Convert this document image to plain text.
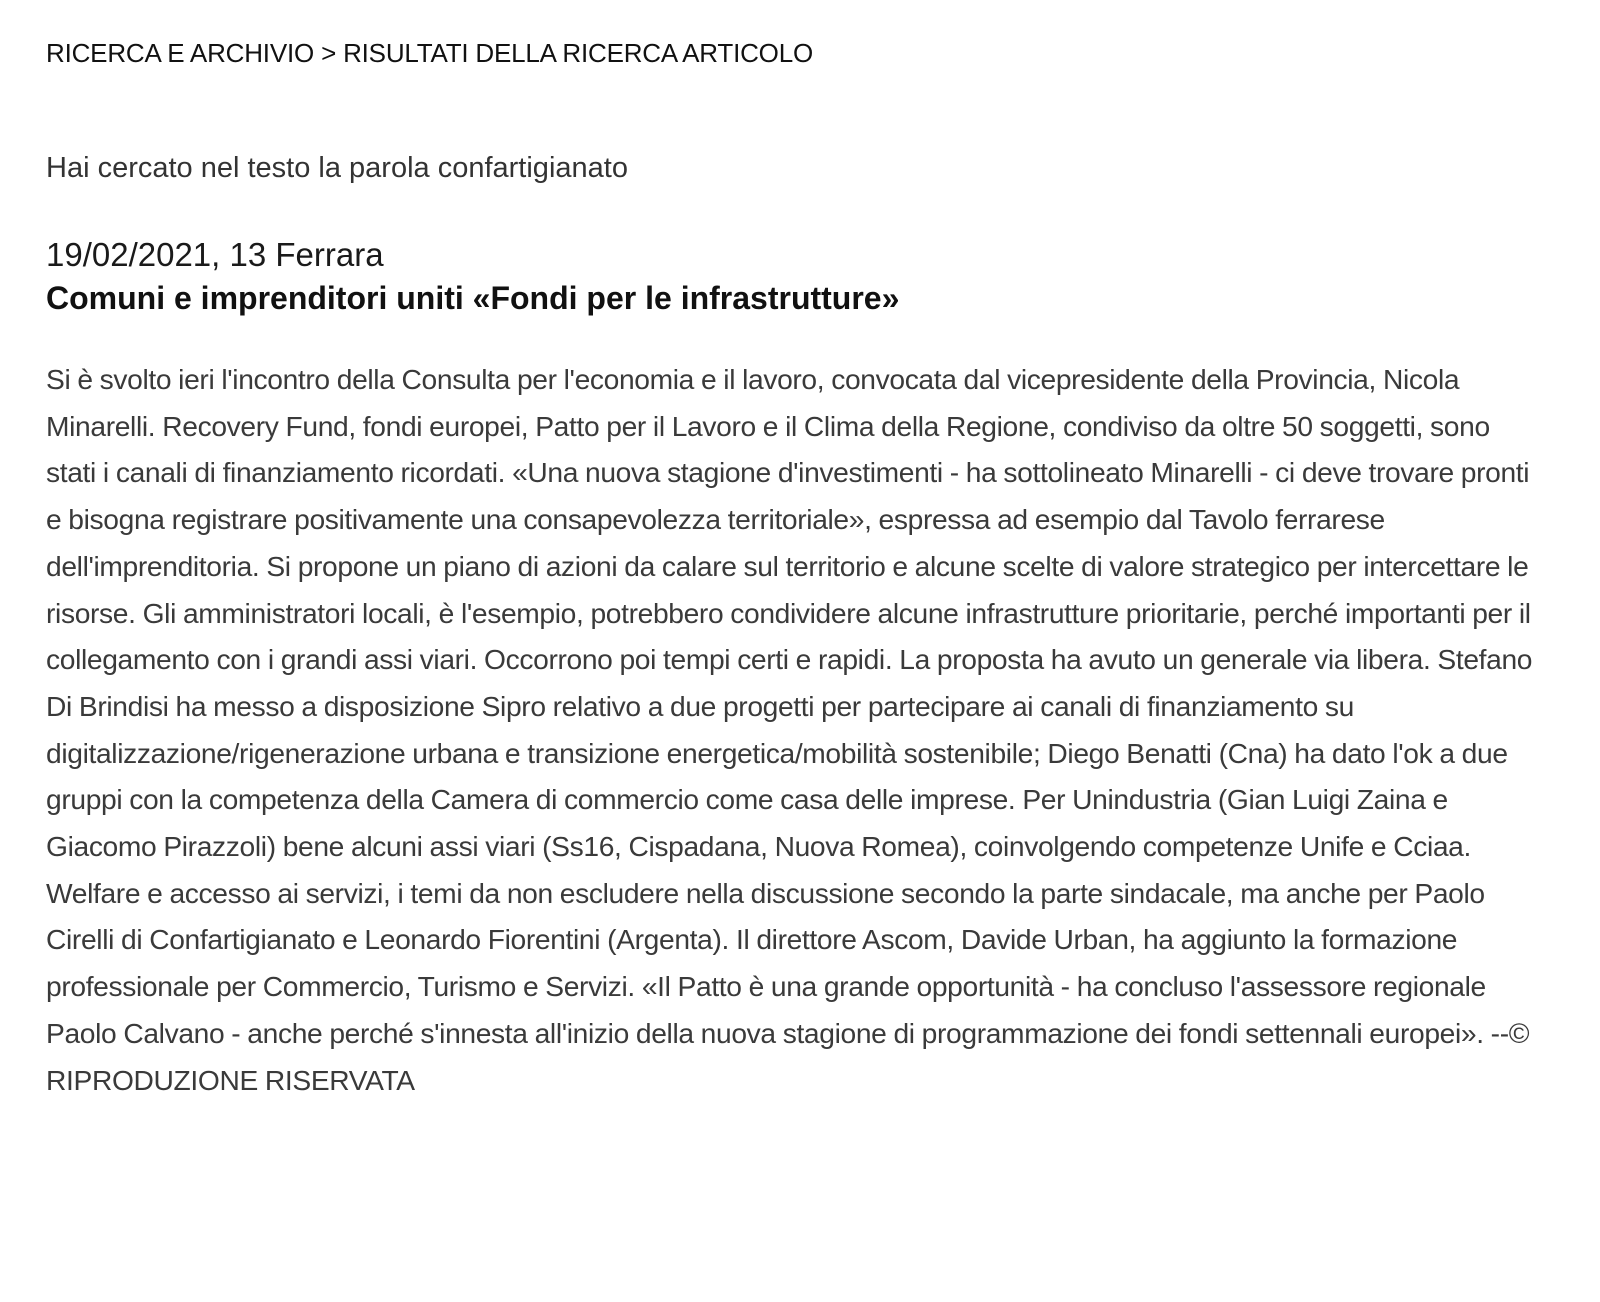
RICERCA E ARCHIVIO > RISULTATI DELLA RICERCA ARTICOLO
Hai cercato nel testo la parola confartigianato
19/02/2021, 13 Ferrara
Comuni e imprenditori uniti «Fondi per le infrastrutture»

Si è svolto ieri l'incontro della Consulta per l'economia e il lavoro, convocata dal vicepresidente della Provincia, Nicola Minarelli. Recovery Fund, fondi europei, Patto per il Lavoro e il Clima della Regione, condiviso da oltre 50 soggetti, sono stati i canali di finanziamento ricordati. «Una nuova stagione d'investimenti - ha sottolineato Minarelli - ci deve trovare pronti e bisogna registrare positivamente una consapevolezza territoriale», espressa ad esempio dal Tavolo ferrarese dell'imprenditoria. Si propone un piano di azioni da calare sul territorio e alcune scelte di valore strategico per intercettare le risorse. Gli amministratori locali, è l'esempio, potrebbero condividere alcune infrastrutture prioritarie, perché importanti per il collegamento con i grandi assi viari. Occorrono poi tempi certi e rapidi. La proposta ha avuto un generale via libera. Stefano Di Brindisi ha messo a disposizione Sipro relativo a due progetti per partecipare ai canali di finanziamento su digitalizzazione/rigenerazione urbana e transizione energetica/mobilità sostenibile; Diego Benatti (Cna) ha dato l'ok a due gruppi con la competenza della Camera di commercio come casa delle imprese. Per Unindustria (Gian Luigi Zaina e Giacomo Pirazzoli) bene alcuni assi viari (Ss16, Cispadana, Nuova Romea), coinvolgendo competenze Unife e Cciaa. Welfare e accesso ai servizi, i temi da non escludere nella discussione secondo la parte sindacale, ma anche per Paolo Cirelli di Confartigianato e Leonardo Fiorentini (Argenta). Il direttore Ascom, Davide Urban, ha aggiunto la formazione professionale per Commercio, Turismo e Servizi. «Il Patto è una grande opportunità - ha concluso l'assessore regionale Paolo Calvano - anche perché s'innesta all'inizio della nuova stagione di programmazione dei fondi settennali europei». --© RIPRODUZIONE RISERVATA
